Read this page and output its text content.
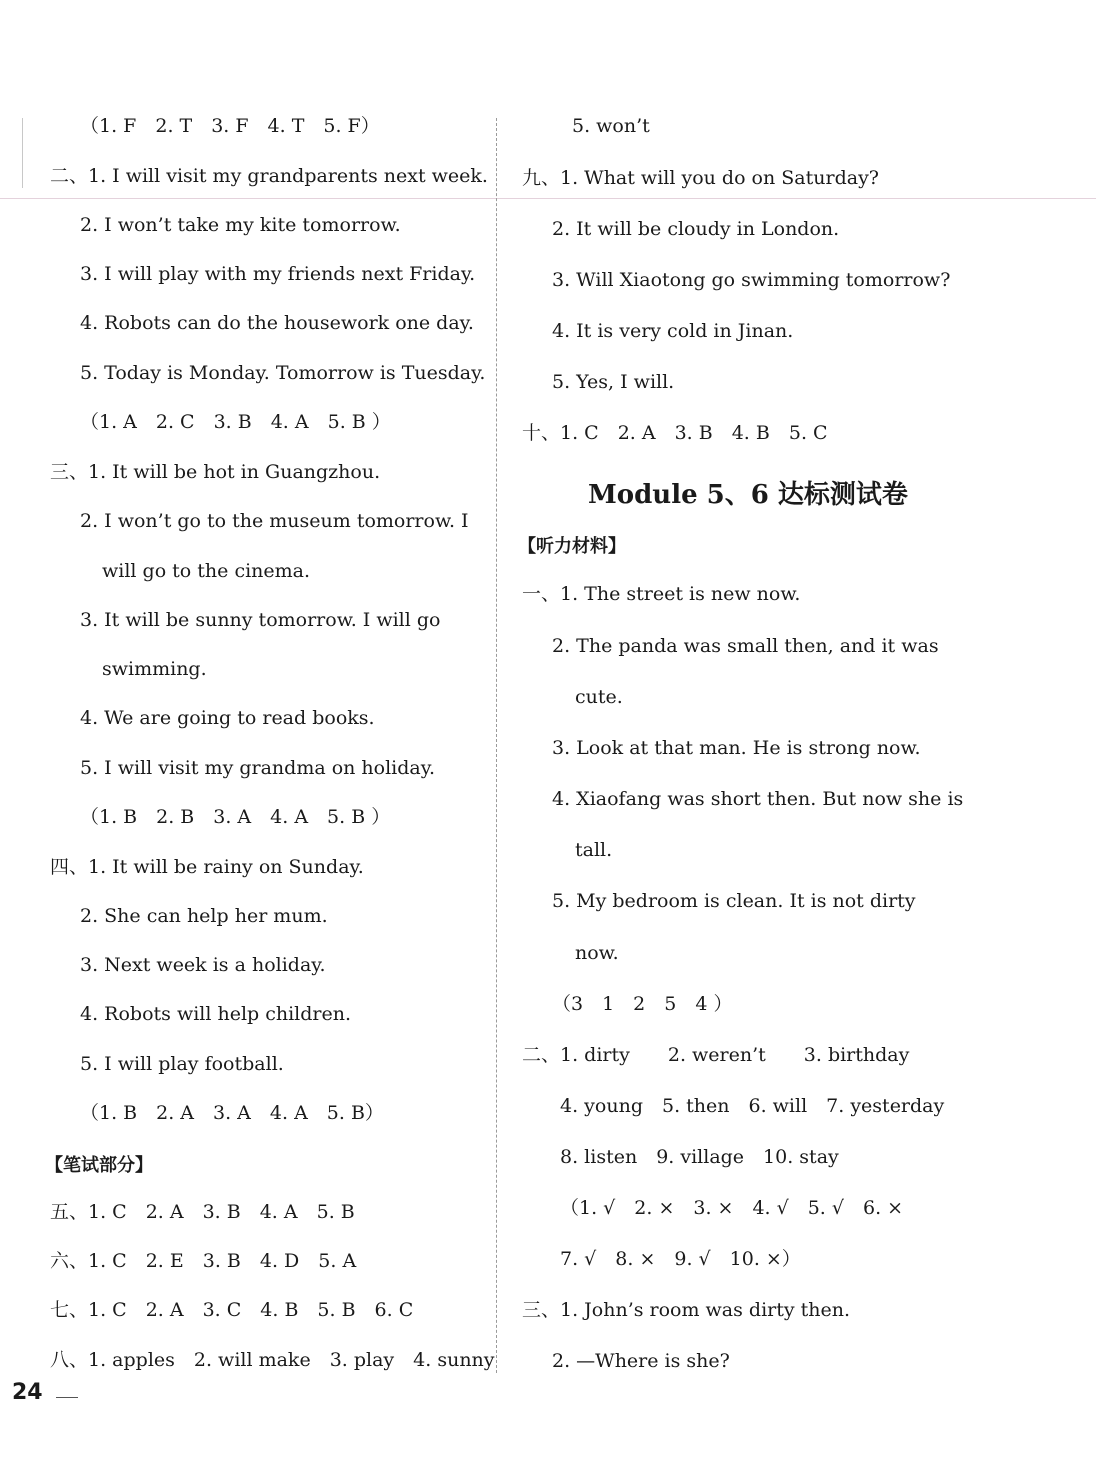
（1. F　2. T　3. F　4. T　5. F）
二、1. I will visit my grandparents next week.
2. I won’t take my kite tomorrow.
3. I will play with my friends next Friday.
4. Robots can do the housework one day.
5. Today is Monday. Tomorrow is Tuesday.
（1. A　2. C　3. B　4. A　5. B ）
三、1. It will be hot in Guangzhou.
2. I won’t go to the museum tomorrow. I
will go to the cinema.
3. It will be sunny tomorrow. I will go
swimming.
4. We are going to read books.
5. I will visit my grandma on holiday.
（1. B　2. B　3. A　4. A　5. B ）
四、1. It will be rainy on Sunday.
2. She can help her mum.
3. Next week is a holiday.
4. Robots will help children.
5. I will play football.
（1. B　2. A　3. A　4. A　5. B）
【笔试部分】
五、1. C　2. A　3. B　4. A　5. B
六、1. C　2. E　3. B　4. D　5. A
七、1. C　2. A　3. C　4. B　5. B　6. C
八、1. apples　2. will make　3. play　4. sunny
5. won’t
九、1. What will you do on Saturday?
2. It will be cloudy in London.
3. Will Xiaotong go swimming tomorrow?
4. It is very cold in Jinan.
5. Yes, I will.
十、1. C　2. A　3. B　4. B　5. C
Module 5、6 达标测试卷
【听力材料】
一、1. The street is new now.
2. The panda was small then, and it was
cute.
3. Look at that man. He is strong now.
4. Xiaofang was short then. But now she is
tall.
5. My bedroom is clean. It is not dirty
now.
（3　1　2　5　4 ）
二、1. dirty　　2. weren’t　　3. birthday
4. young　5. then　6. will　7. yesterday
8. listen　9. village　10. stay
（1. √　2. ×　3. ×　4. √　5. √　6. ×
7. √　8. ×　9. √　10. ×）
三、1. John’s room was dirty then.
2. —Where is she?
24
